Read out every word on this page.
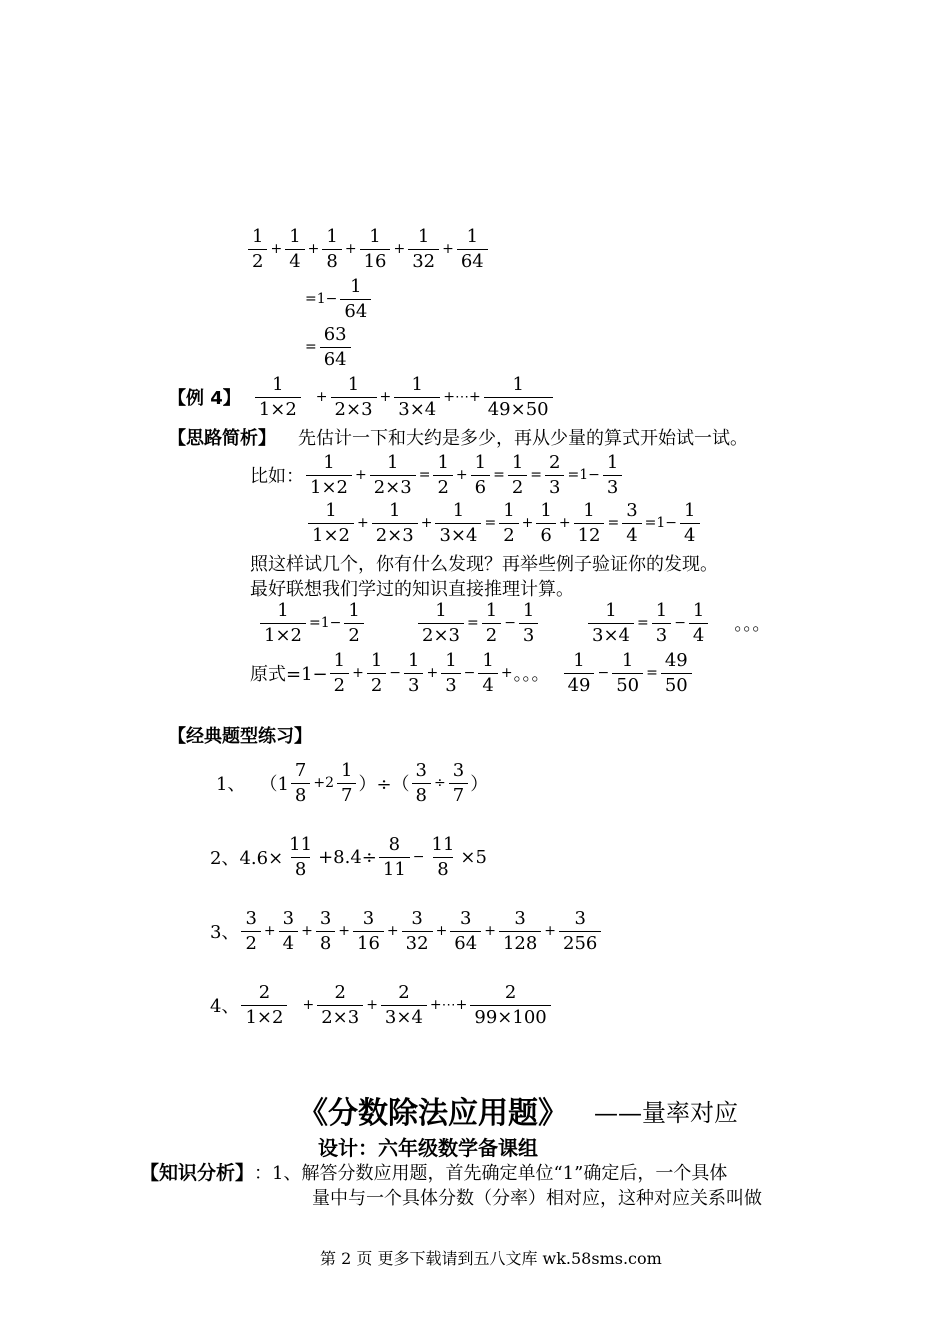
$\frac{1}{2} + \frac{1}{4} + \frac{1}{8} + \frac{1}{16} + \frac{1}{32} + \frac{1}{64}$
$=1- \frac{1}{64}$
= $\frac{63}{64}$
【例 4】 $\frac{1}{1\times 2} + \frac{1}{2\times 3} + \frac{1}{3\times 4}$ +⋯+ $\frac{1}{49\times 50}$
【思路简析】 先估计一下和大约是多少，再从少量的算式开始试一试。
比如： $\frac{1}{1\times 2} + \frac{1}{2\times 3} = \frac{1}{2} + \frac{1}{6} = \frac{1}{2} = \frac{2}{3} =1- \frac{1}{3}$
$\frac{1}{1\times 2} + \frac{1}{2\times 3} + \frac{1}{3\times 4} = \frac{1}{2} + \frac{1}{6} + \frac{1}{12} = \frac{3}{4} =1- \frac{1}{4}$
照这样试几个，你有什么发现？再举些例子验证你的发现。
最好联想我们学过的知识直接推理计算。
$\frac{1}{1\times 2} =1- \frac{1}{2}$	$\frac{1}{2\times 3} = \frac{1}{2} - \frac{1}{3}$	$\frac{1}{3\times 4} = \frac{1}{3} - \frac{1}{4}$ 。。。
原式$=1- \frac{1}{2} + \frac{1}{2} - \frac{1}{3} + \frac{1}{3} - \frac{1}{4}$ + 。。。 $\frac{1}{49} - \frac{1}{50} = \frac{49}{50}$
【经典题型练习】
1、 （$1 \frac{7}{8} +2 \frac{1}{7}$ ）÷（ $\frac{3}{8} \div \frac{3}{7}$ ）
2、$4.6\times \frac{11}{8} +8.4\div \frac{8}{11} - \frac{11}{8} \times 5$
3、 $\frac{3}{2} + \frac{3}{4} + \frac{3}{8} + \frac{3}{16} + \frac{3}{32} + \frac{3}{64} + \frac{3}{128} + \frac{3}{256}$
4、 $\frac{2}{1\times 2} + \frac{2}{2\times 3} + \frac{2}{3\times 4}$ +⋯+ $\frac{2}{99\times 100}$
《分数除法应用题》 ——量率对应
设计：六年级数学备课组
【知识分析】 ：1、解答分数应用题，首先确定单位“1”确定后，一个具体
量中与一个具体分数（分率）相对应，这种对应关系叫做
第 2 页 更多下载请到五八文库 wk.58sms.com
